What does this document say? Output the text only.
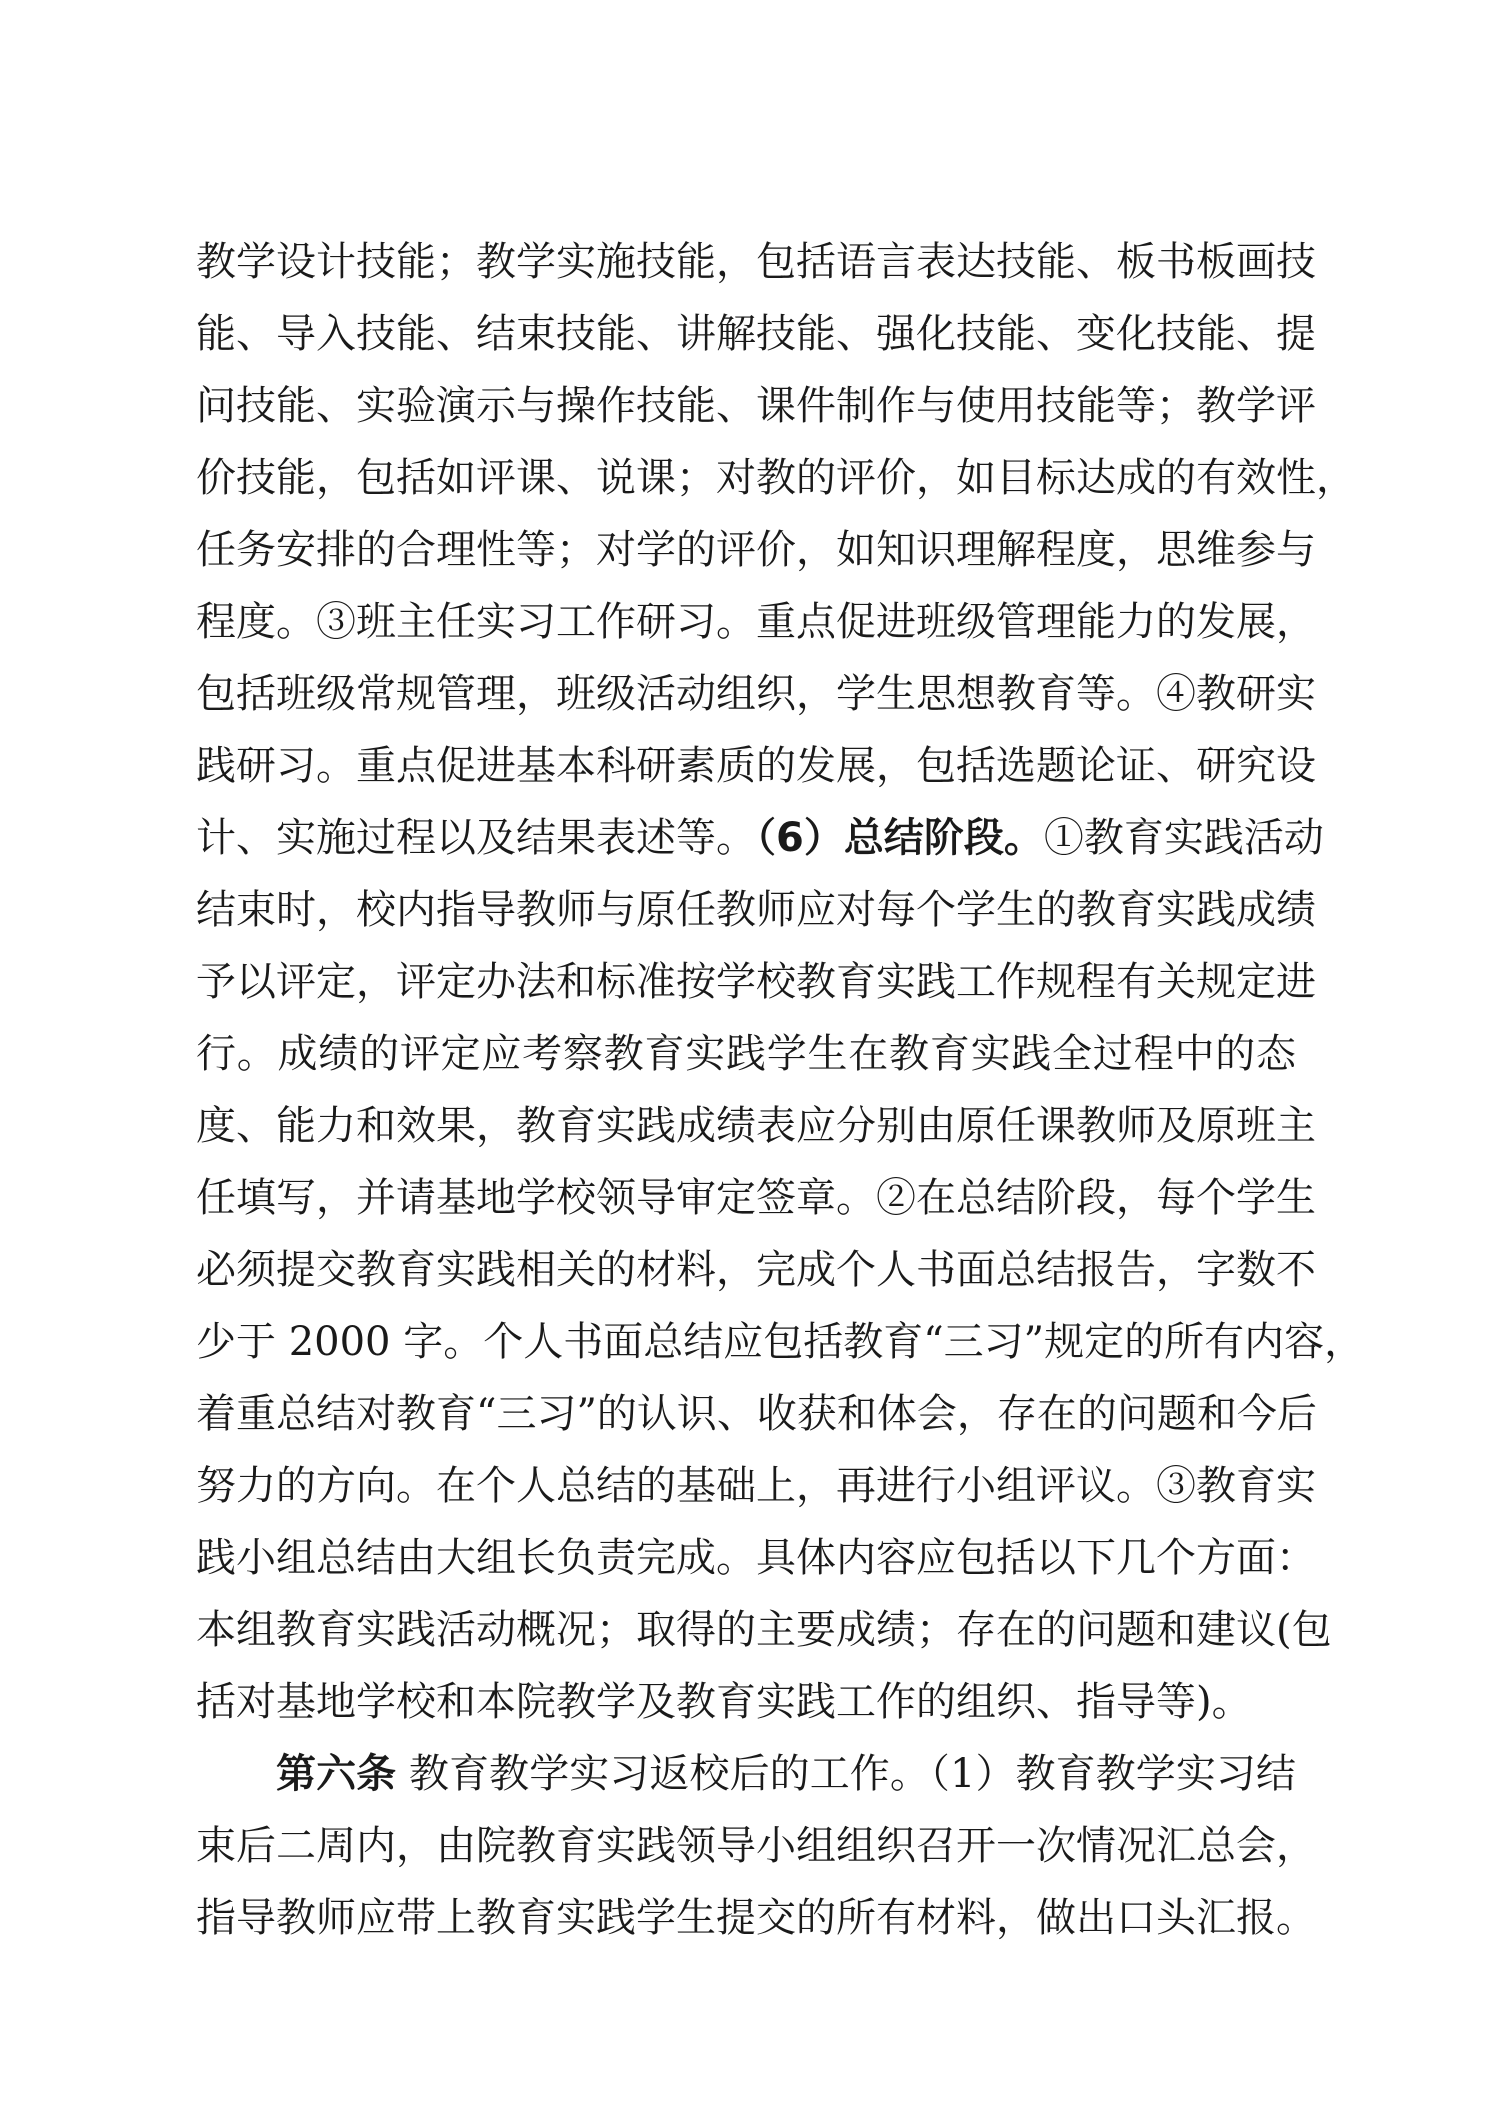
教学设计技能；教学实施技能，包括语言表达技能、板书板画技
能、导入技能、结束技能、讲解技能、强化技能、变化技能、提
问技能、实验演示与操作技能、课件制作与使用技能等；教学评
价技能，包括如评课、说课；对教的评价，如目标达成的有效性，
任务安排的合理性等；对学的评价，如知识理解程度，思维参与
程度。③班主任实习工作研习。重点促进班级管理能力的发展，
包括班级常规管理，班级活动组织，学生思想教育等。④教研实
践研习。重点促进基本科研素质的发展，包括选题论证、研究设
计、实施过程以及结果表述等。（6）总结阶段。①教育实践活动
结束时，校内指导教师与原任教师应对每个学生的教育实践成绩
予以评定，评定办法和标准按学校教育实践工作规程有关规定进
行。成绩的评定应考察教育实践学生在教育实践全过程中的态
度、能力和效果，教育实践成绩表应分别由原任课教师及原班主
任填写，并请基地学校领导审定签章。②在总结阶段，每个学生
必须提交教育实践相关的材料，完成个人书面总结报告，字数不
少于 2000 字。个人书面总结应包括教育“三习”规定的所有内容，
着重总结对教育“三习”的认识、收获和体会，存在的问题和今后
努力的方向。在个人总结的基础上，再进行小组评议。③教育实
践小组总结由大组长负责完成。具体内容应包括以下几个方面：
本组教育实践活动概况；取得的主要成绩；存在的问题和建议(包
括对基地学校和本院教学及教育实践工作的组织、指导等)。
第六条 教育教学实习返校后的工作。（1）教育教学实习结
束后二周内，由院教育实践领导小组组织召开一次情况汇总会，
指导教师应带上教育实践学生提交的所有材料，做出口头汇报。
